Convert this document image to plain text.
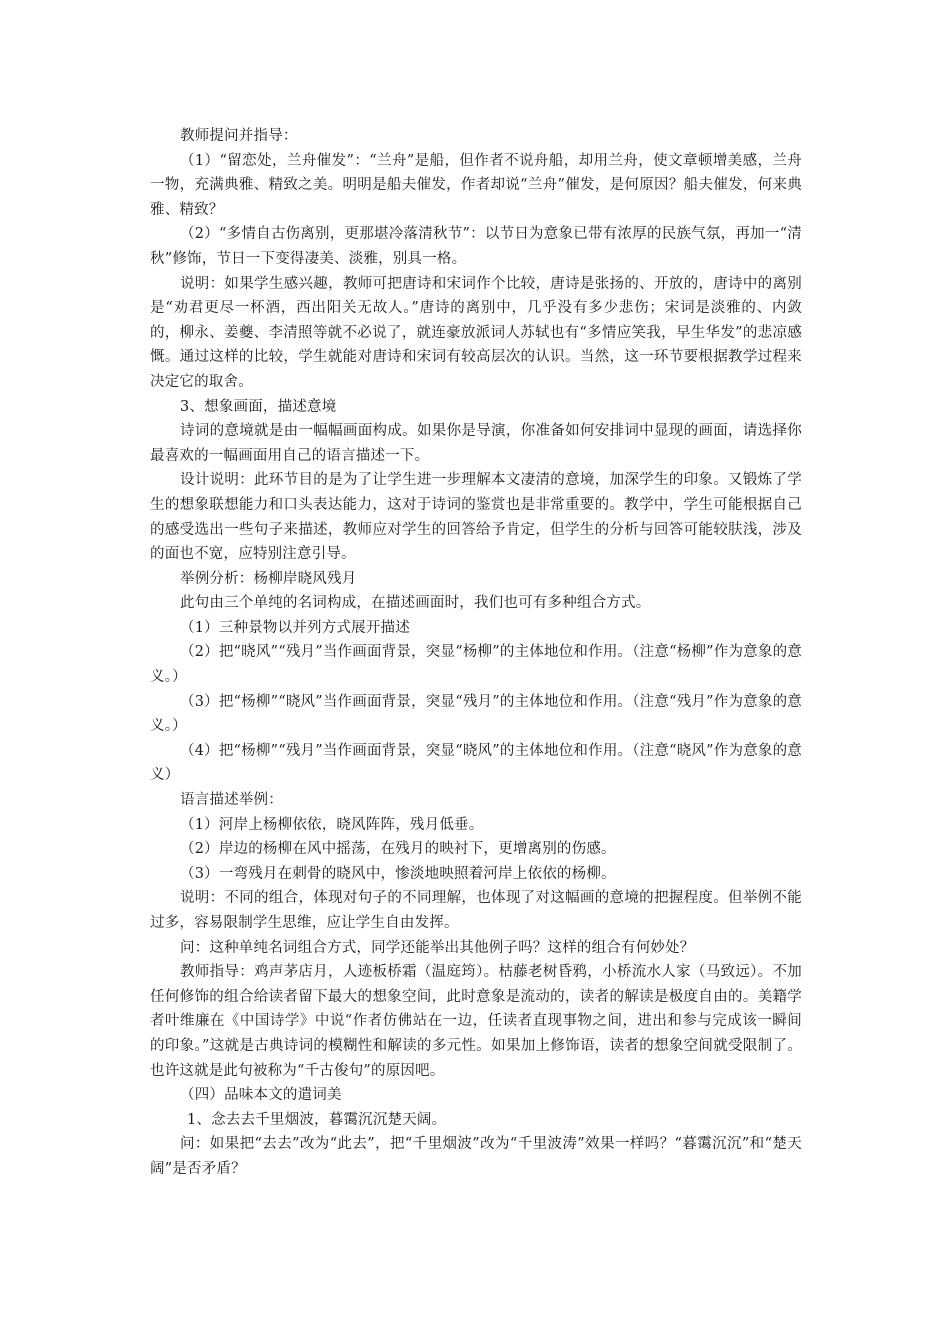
教师提问并指导：

（1）“留恋处，兰舟催发”：“兰舟”是船，但作者不说舟船，却用兰舟，使文章顿增美感，兰舟一物，充满典雅、精致之美。明明是船夫催发，作者却说“兰舟”催发，是何原因？船夫催发，何来典雅、精致？

（2）“多情自古伤离别，更那堪冷落清秋节”：以节日为意象已带有浓厚的民族气氛，再加一“清秋”修饰，节日一下变得凄美、淡雅，别具一格。

说明：如果学生感兴趣，教师可把唐诗和宋词作个比较，唐诗是张扬的、开放的，唐诗中的离别是“劝君更尽一杯酒，西出阳关无故人。”唐诗的离别中，几乎没有多少悲伤；宋词是淡雅的、内敛的，柳永、姜夔、李清照等就不必说了，就连豪放派词人苏轼也有“多情应笑我，早生华发”的悲凉感慨。通过这样的比较，学生就能对唐诗和宋词有较高层次的认识。当然，这一环节要根据教学过程来决定它的取舍。

3、想象画面，描述意境

诗词的意境就是由一幅幅画面构成。如果你是导演，你准备如何安排词中显现的画面，请选择你最喜欢的一幅画面用自己的语言描述一下。

设计说明：此环节目的是为了让学生进一步理解本文凄清的意境，加深学生的印象。又锻炼了学生的想象联想能力和口头表达能力，这对于诗词的鉴赏也是非常重要的。教学中，学生可能根据自己的感受选出一些句子来描述，教师应对学生的回答给予肯定，但学生的分析与回答可能较肤浅，涉及的面也不宽，应特别注意引导。

举例分析：杨柳岸晓风残月

此句由三个单纯的名词构成，在描述画面时，我们也可有多种组合方式。

（1）三种景物以并列方式展开描述

（2）把“晓风”“残月”当作画面背景，突显“杨柳”的主体地位和作用。（注意“杨柳”作为意象的意义。）

（3）把“杨柳”“晓风”当作画面背景，突显“残月”的主体地位和作用。（注意“残月”作为意象的意义。）

（4）把“杨柳”“残月”当作画面背景，突显“晓风”的主体地位和作用。（注意“晓风”作为意象的意义）

语言描述举例：

（1）河岸上杨柳依依，晓风阵阵，残月低垂。

（2）岸边的杨柳在风中摇荡，在残月的映衬下，更增离别的伤感。

（3）一弯残月在刺骨的晓风中，惨淡地映照着河岸上依依的杨柳。

说明：不同的组合，体现对句子的不同理解，也体现了对这幅画的意境的把握程度。但举例不能过多，容易限制学生思维，应让学生自由发挥。

问：这种单纯名词组合方式，同学还能举出其他例子吗？这样的组合有何妙处？

教师指导：鸡声茅店月，人迹板桥霜（温庭筠）。枯藤老树昏鸦，小桥流水人家（马致远）。不加任何修饰的组合给读者留下最大的想象空间，此时意象是流动的，读者的解读是极度自由的。美籍学者叶维廉在《中国诗学》中说“作者仿佛站在一边，任读者直现事物之间，进出和参与完成该一瞬间的印象。”这就是古典诗词的模糊性和解读的多元性。如果加上修饰语，读者的想象空间就受限制了。也许这就是此句被称为“千古俊句”的原因吧。

（四）品味本文的遣词美

1、念去去千里烟波，暮霭沉沉楚天阔。

问：如果把“去去”改为“此去”，把“千里烟波”改为“千里波涛”效果一样吗？“暮霭沉沉”和“楚天阔”是否矛盾？
